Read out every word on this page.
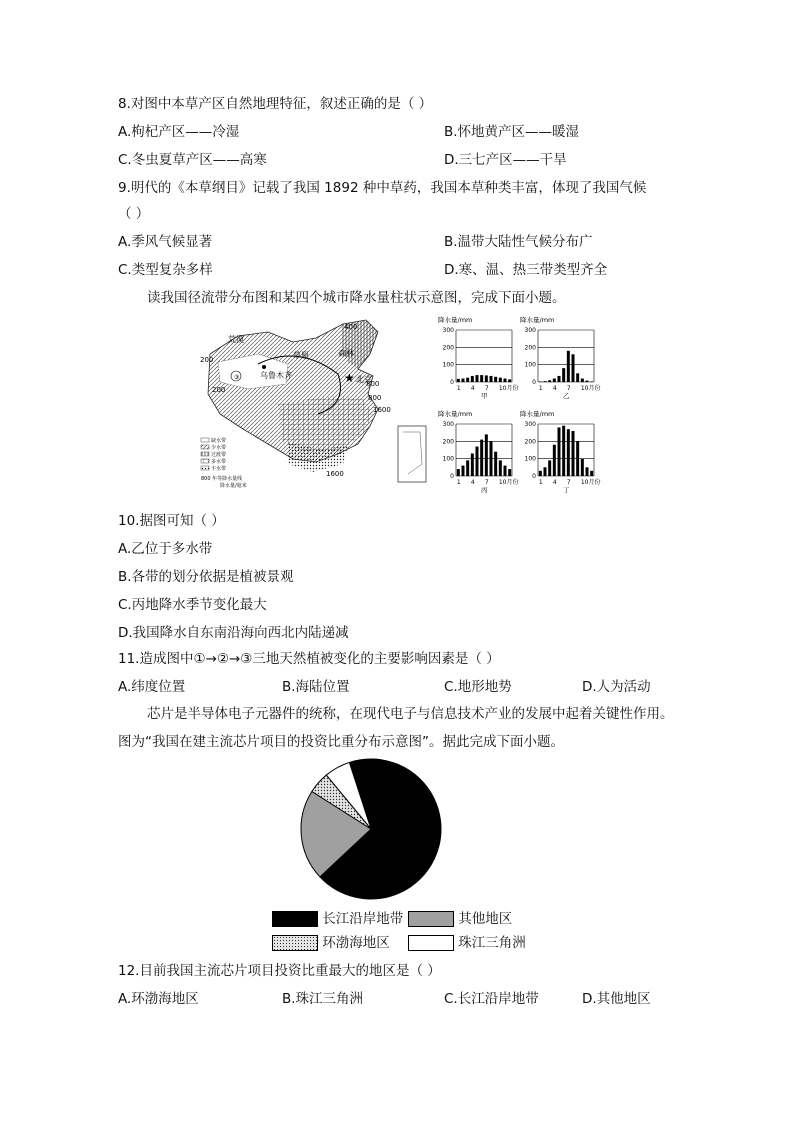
8.对图中本草产区自然地理特征，叙述正确的是（ ）
A.枸杞产区——冷湿	B.怀地黄产区——暖湿
C.冬虫夏草产区——高寒	D.三七产区——干旱
9.明代的《本草纲目》记载了我国 1892 种中草药，我国本草种类丰富，体现了我国气候
（ ）
A.季风气候显著	B.温带大陆性气候分布广
C.类型复杂多样	D.寒、温、热三带类型齐全
读我国径流带分布图和某四个城市降水量柱状示意图，完成下面小题。
★
③
荒漠
草原	森林
乌鲁木齐	北京
400
200
200
800
1600
1600
800
缺水带
少水带
过渡带
多水带
丰水带
800 年等降水量线
降水量/毫米
降水量/mm
0
100
200
300
1 4 7 10月份
甲
降水量/mm
0
100
200
300
1 4 7 10月份
乙
降水量/mm
0
100
200
300
1 4 7 10月份
丙
降水量/mm
0
100
200
300
1 4 7 10月份
丁
10.据图可知（ ）
A.乙位于多水带
B.各带的划分依据是植被景观
C.丙地降水季节变化最大
D.我国降水自东南沿海向西北内陆递减
11.造成图中①→②→③三地天然植被变化的主要影响因素是（ ）
A.纬度位置	B.海陆位置	C.地形地势	D.人为活动
芯片是半导体电子元器件的统称，在现代电子与信息技术产业的发展中起着关键性作用。
图为“我国在建主流芯片项目的投资比重分布示意图”。据此完成下面小题。
长江沿岸地带	其他地区
环渤海地区	珠江三角洲
12.目前我国主流芯片项目投资比重最大的地区是（ ）
A.环渤海地区	B.珠江三角洲	C.长江沿岸地带	D.其他地区
